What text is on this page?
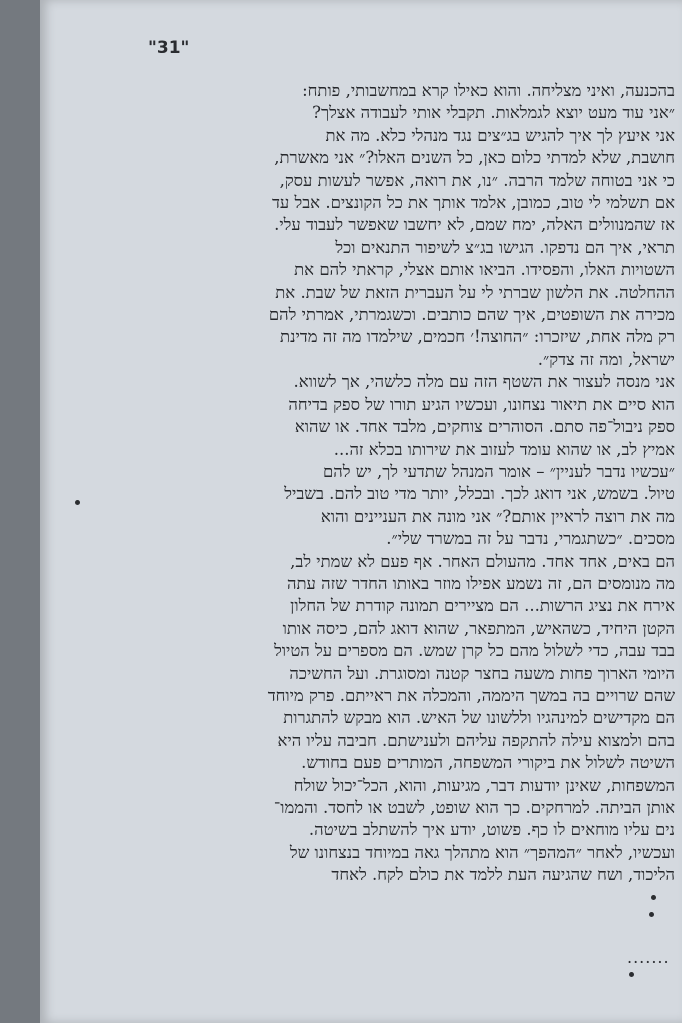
"31"
בהכנעה, ואיני מצליחה. והוא כאילו קרא במחשבותי, פותח:
״אני עוד מעט יוצא לגמלאות. תקבלי אותי לעבודה אצלך?
אני איעץ לך איך להגיש בג״צים נגד מנהלי כלא. מה את
חושבת, שלא למדתי כלום כאן, כל השנים האלו?״ אני מאשרת,
כי אני בטוחה שלמד הרבה. ״נו, את רואה, אפשר לעשות עסק,
אם תשלמי לי טוב, כמובן, אלמד אותך את כל הקונצים. אבל עד
אז שהמנוולים האלה, ימח שמם, לא יחשבו שאפשר לעבוד עלי.
תראי, איך הם נדפקו. הגישו בג״צ לשיפור התנאים וכל
השטויות האלו, והפסידו. הביאו אותם אצלי, קראתי להם את
ההחלטה. את הלשון שברתי לי על העברית הזאת של שבת. את
מכירה את השופטים, איך שהם כותבים. וכשגמרתי, אמרתי להם
רק מלה אחת, שיזכרו: ״החוצה!׳ חכמים, שילמדו מה זה מדינת
ישראל, ומה זה צדק״.
אני מנסה לעצור את השטף הזה עם מלה כלשהי, אך לשווא.
הוא סיים את תיאור נצחונו, ועכשיו הגיע תורו של ספק בדיחה
ספק ניבול־פה סתם. הסוהרים צוחקים, מלבד אחד. או שהוא
אמיץ לב, או שהוא עומד לעזוב את שירותו בכלא זה...
״עכשיו נדבר לעניין״ – אומר המנהל שתדעי לך, יש להם
טיול. בשמש, אני דואג לכך. ובכלל, יותר מדי טוב להם. בשביל
מה את רוצה לראיין אותם?״ אני מונה את העניינים והוא
מסכים. ״כשתגמרי, נדבר על זה במשרד שלי״.
הם באים, אחד אחד. מהעולם האחר. אף פעם לא שמתי לב,
מה מנומסים הם, זה נשמע אפילו מוזר באותו החדר שזה עתה
אירח את נציג הרשות... הם מציירים תמונה קודרת של החלון
הקטן היחיד, כשהאיש, המתפאר, שהוא דואג להם, כיסה אותו
בבד עבה, כדי לשלול מהם כל קרן שמש. הם מספרים על הטיול
היומי הארוך פחות משעה בחצר קטנה ומסוגרת. ועל החשיכה
שהם שרויים בה במשך היממה, והמכלה את ראייתם. פרק מיוחד
הם מקדישים למינהגיו וללשונו של האיש. הוא מבקש להתגרות
בהם ולמצוא עילה להתקפה עליהם ולענישתם. חביבה עליו היא
השיטה לשלול את ביקורי המשפחה, המותרים פעם בחודש.
המשפחות, שאינן יודעות דבר, מגיעות, והוא, הכל־יכול שולח
אותן הביתה. למרחקים. כך הוא שופט, לשבט או לחסד. והממו־
נים עליו מוחאים לו כף. פשוט, יודע איך להשתלב בשיטה.
ועכשיו, לאחר ״המהפך״ הוא מתהלך גאה במיוחד בנצחונו של
הליכוד, ושח שהגיעה העת ללמד את כולם לקח. לאחד
.......
